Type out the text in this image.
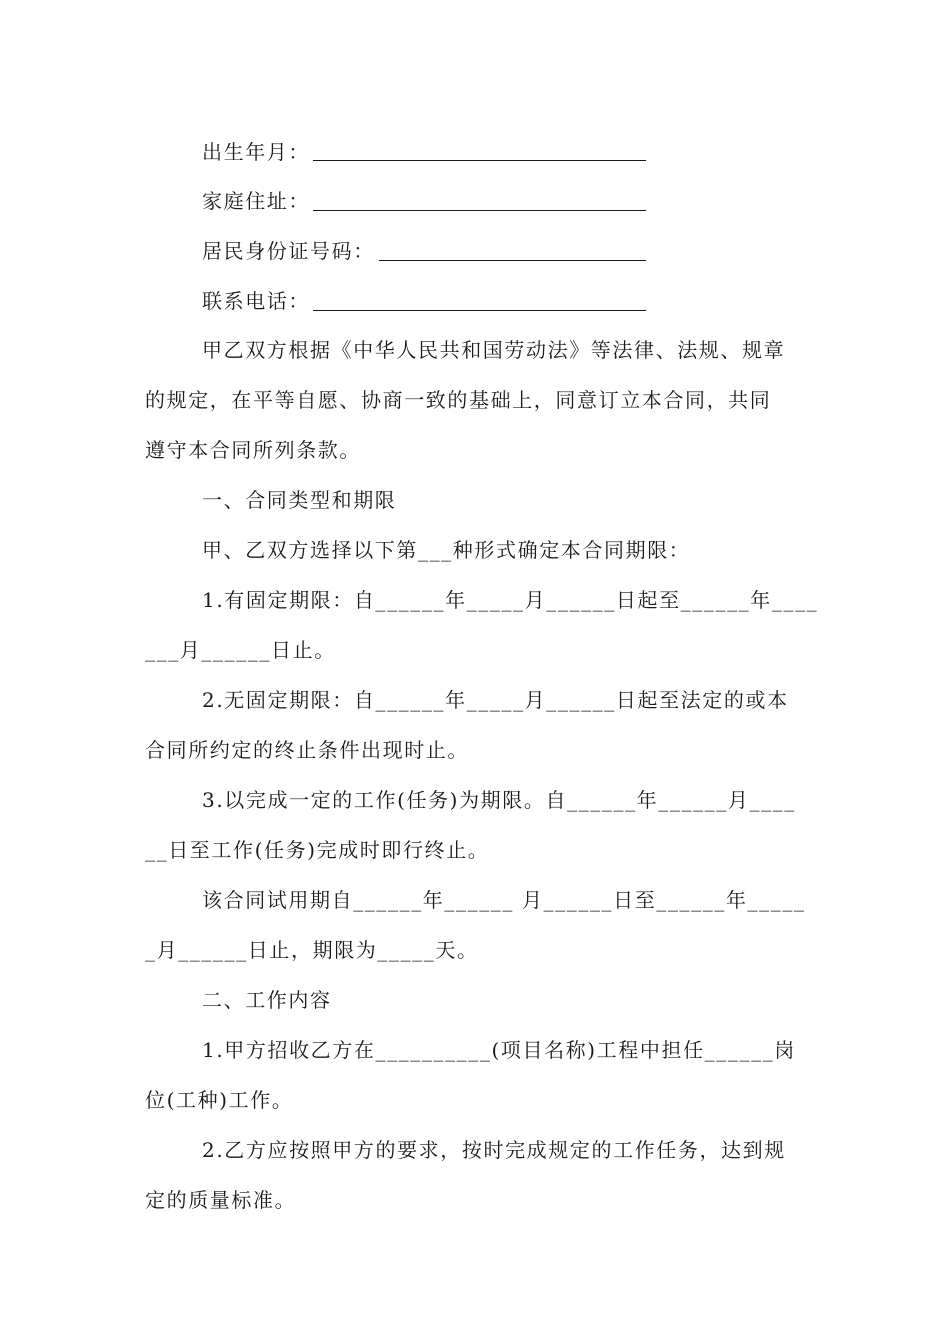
出生年月：
家庭住址：
居民身份证号码：
联系电话：
甲乙双方根据《中华人民共和国劳动法》等法律、法规、规章
的规定，在平等自愿、协商一致的基础上，同意订立本合同，共同
遵守本合同所列条款。
一、合同类型和期限
甲、乙双方选择以下第___种形式确定本合同期限：
1.有固定期限：自______年_____月______日起至______年____
___月______日止。
2.无固定期限：自______年_____月______日起至法定的或本
合同所约定的终止条件出现时止。
3.以完成一定的工作(任务)为期限。自______年______月____
__日至工作(任务)完成时即行终止。
该合同试用期自______年______ 月______日至______年_____
_月______日止，期限为_____天。
二、工作内容
1.甲方招收乙方在__________(项目名称)工程中担任______岗
位(工种)工作。
2.乙方应按照甲方的要求，按时完成规定的工作任务，达到规
定的质量标准。
